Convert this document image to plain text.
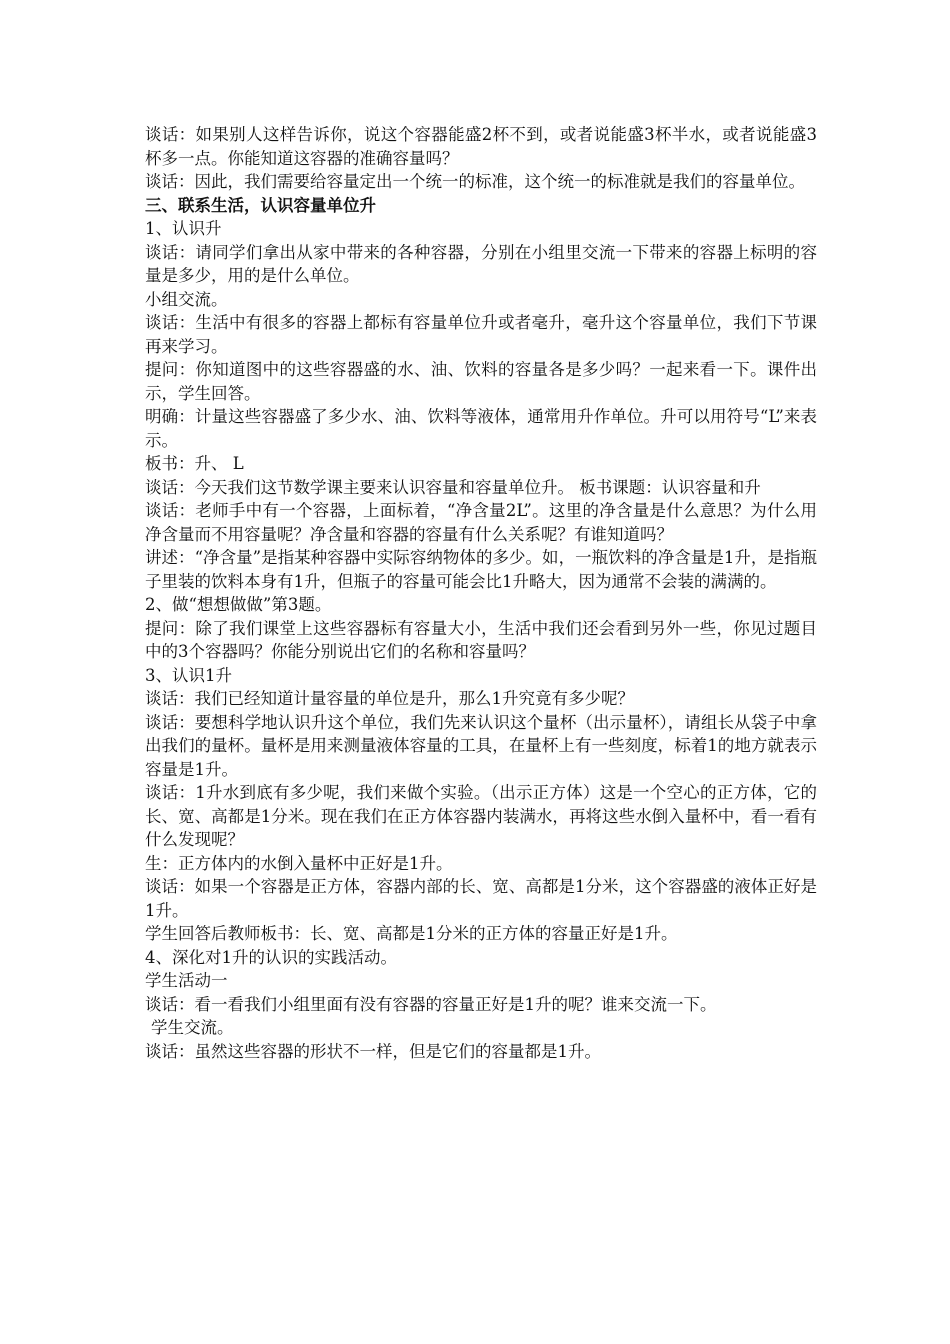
谈话：如果别人这样告诉你，说这个容器能盛2杯不到，或者说能盛3杯半水，或者说能盛3杯多一点。你能知道这容器的准确容量吗？

谈话：因此，我们需要给容量定出一个统一的标准，这个统一的标准就是我们的容量单位。

三、联系生活，认识容量单位升

1、认识升

谈话：请同学们拿出从家中带来的各种容器，分别在小组里交流一下带来的容器上标明的容量是多少，用的是什么单位。

小组交流。

谈话：生活中有很多的容器上都标有容量单位升或者毫升，毫升这个容量单位，我们下节课再来学习。

提问：你知道图中的这些容器盛的水、油、饮料的容量各是多少吗？一起来看一下。课件出示，学生回答。

明确：计量这些容器盛了多少水、油、饮料等液体，通常用升作单位。升可以用符号“L”来表示。

板书：升、 L

谈话：今天我们这节数学课主要来认识容量和容量单位升。 板书课题：认识容量和升

谈话：老师手中有一个容器，上面标着，“净含量2L”。这里的净含量是什么意思？为什么用净含量而不用容量呢？净含量和容器的容量有什么关系呢？有谁知道吗？

讲述：“净含量”是指某种容器中实际容纳物体的多少。如，一瓶饮料的净含量是1升，是指瓶子里装的饮料本身有1升，但瓶子的容量可能会比1升略大，因为通常不会装的满满的。

2、做“想想做做”第3题。

提问：除了我们课堂上这些容器标有容量大小，生活中我们还会看到另外一些，你见过题目中的3个容器吗？你能分别说出它们的名称和容量吗？

3、认识1升

谈话：我们已经知道计量容量的单位是升，那么1升究竟有多少呢？

谈话：要想科学地认识升这个单位，我们先来认识这个量杯（出示量杯），请组长从袋子中拿出我们的量杯。量杯是用来测量液体容量的工具，在量杯上有一些刻度，标着1的地方就表示容量是1升。

谈话：1升水到底有多少呢，我们来做个实验。（出示正方体）这是一个空心的正方体，它的长、宽、高都是1分米。现在我们在正方体容器内装满水，再将这些水倒入量杯中，看一看有什么发现呢？

生：正方体内的水倒入量杯中正好是1升。

谈话：如果一个容器是正方体，容器内部的长、宽、高都是1分米，这个容器盛的液体正好是1升。

学生回答后教师板书：长、宽、高都是1分米的正方体的容量正好是1升。

4、深化对1升的认识的实践活动。

学生活动一

谈话：看一看我们小组里面有没有容器的容量正好是1升的呢？谁来交流一下。

学生交流。

谈话：虽然这些容器的形状不一样，但是它们的容量都是1升。
